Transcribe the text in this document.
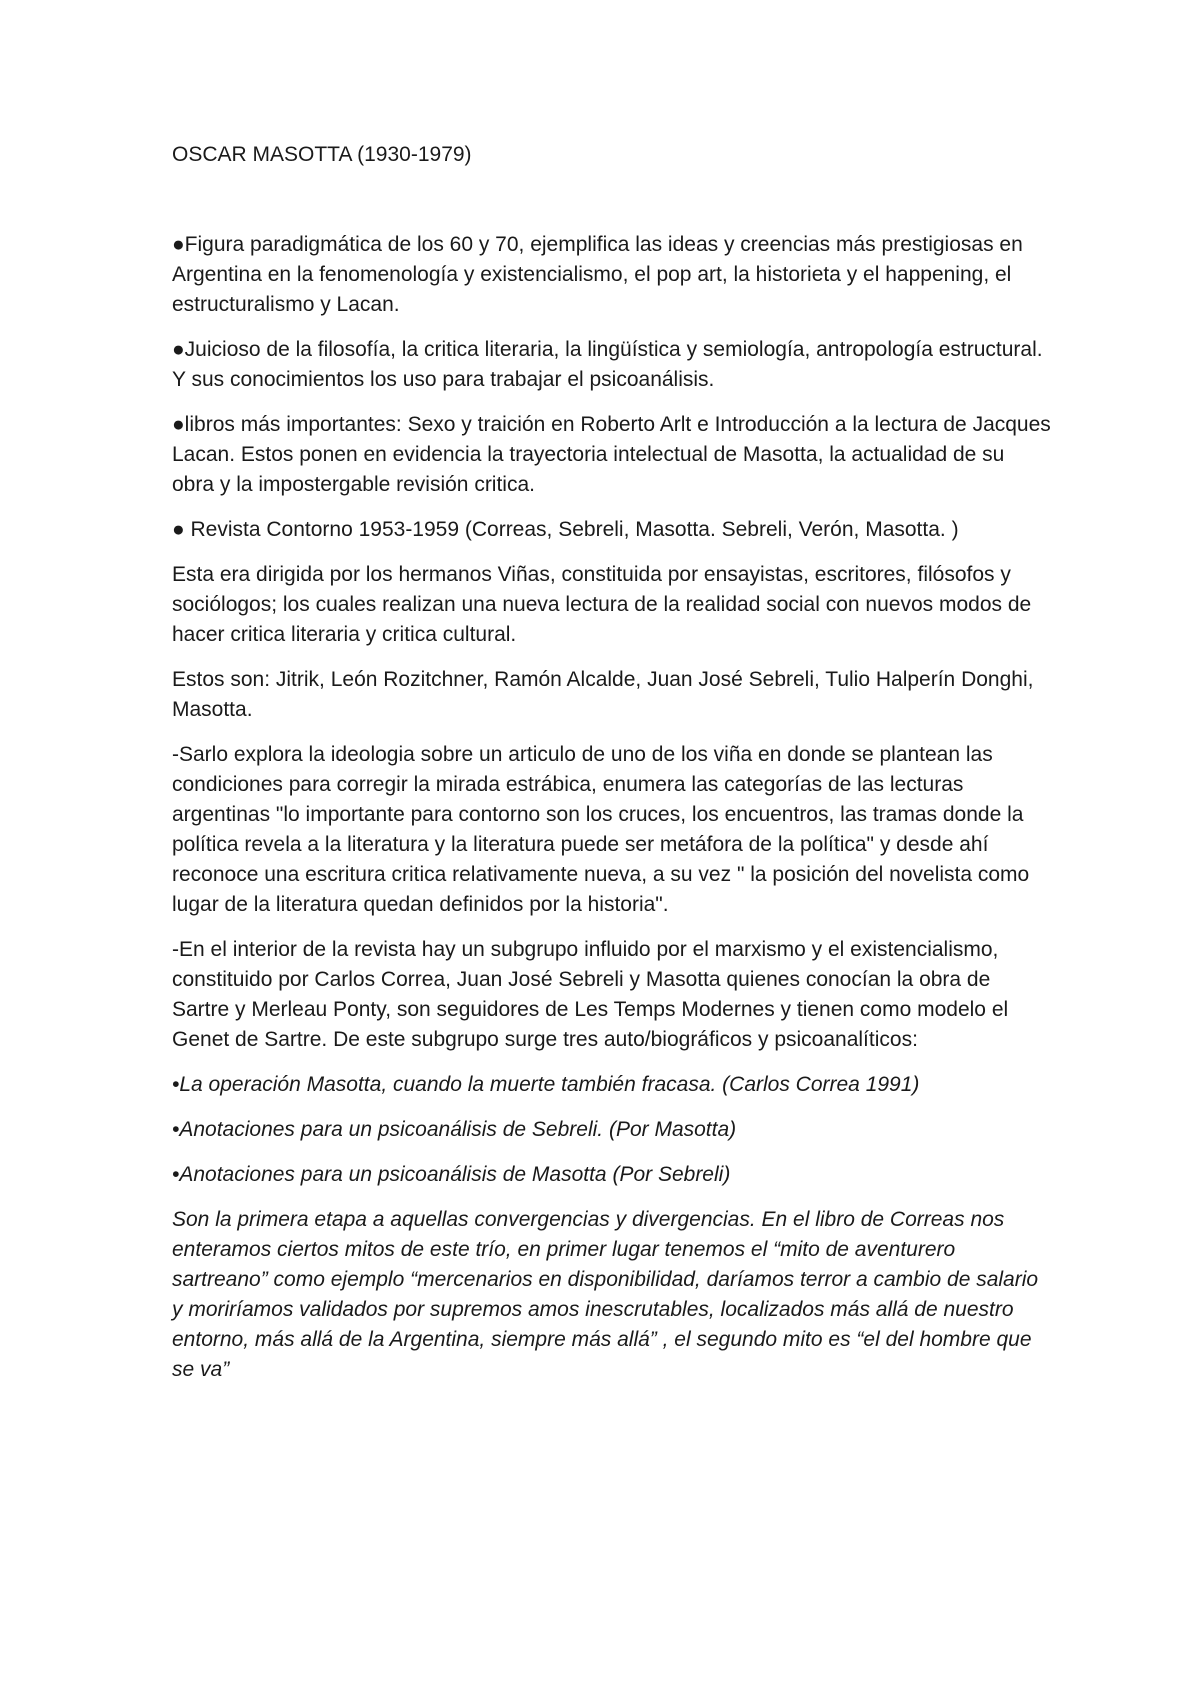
OSCAR MASOTTA (1930-1979)

●Figura paradigmática de los 60 y 70, ejemplifica las ideas y creencias más prestigiosas en Argentina en la fenomenología y existencialismo, el pop art, la historieta y el happening, el estructuralismo y Lacan.

●Juicioso de la filosofía, la critica literaria, la lingüística y semiología, antropología estructural. Y sus conocimientos los uso para trabajar el psicoanálisis.

●libros más importantes: Sexo y traición en Roberto Arlt e Introducción a la lectura de Jacques Lacan. Estos ponen en evidencia la trayectoria intelectual de Masotta, la actualidad de su obra y la impostergable revisión critica.

● Revista Contorno 1953-1959 (Correas, Sebreli, Masotta. Sebreli, Verón, Masotta. )

Esta era dirigida por los hermanos Viñas, constituida por ensayistas, escritores, filósofos y sociólogos; los cuales realizan una nueva lectura de la realidad social con nuevos modos de hacer critica literaria y critica cultural.

Estos son: Jitrik, León Rozitchner, Ramón Alcalde, Juan José Sebreli, Tulio Halperín Donghi, Masotta.

-Sarlo explora la ideologia sobre un articulo de uno de los viña en donde se plantean las condiciones para corregir la mirada estrábica, enumera las categorías de las lecturas argentinas "lo importante para contorno son los cruces, los encuentros, las tramas donde la política revela a la literatura y la literatura puede ser metáfora de la política" y desde ahí reconoce una escritura critica relativamente nueva, a su vez " la posición del novelista como lugar de la literatura quedan definidos por la historia".

-En el interior de la revista hay un subgrupo influido por el marxismo y el existencialismo, constituido por Carlos Correa, Juan José Sebreli y Masotta quienes conocían la obra de Sartre y Merleau Ponty, son seguidores de Les Temps Modernes y tienen como modelo el Genet de Sartre. De este subgrupo surge tres auto/biográficos y psicoanalíticos:

•La operación Masotta, cuando la muerte también fracasa. (Carlos Correa 1991)

•Anotaciones para un psicoanálisis de Sebreli. (Por Masotta)

•Anotaciones para un psicoanálisis de Masotta (Por Sebreli)

Son la primera etapa a aquellas convergencias y divergencias. En el libro de Correas nos enteramos ciertos mitos de este trío, en primer lugar tenemos el “mito de aventurero sartreano” como ejemplo “mercenarios en disponibilidad, daríamos terror a cambio de salario y moriríamos validados por supremos amos inescrutables, localizados más allá de nuestro entorno, más allá de la Argentina, siempre más allá” , el segundo mito es “el del hombre que se va”
